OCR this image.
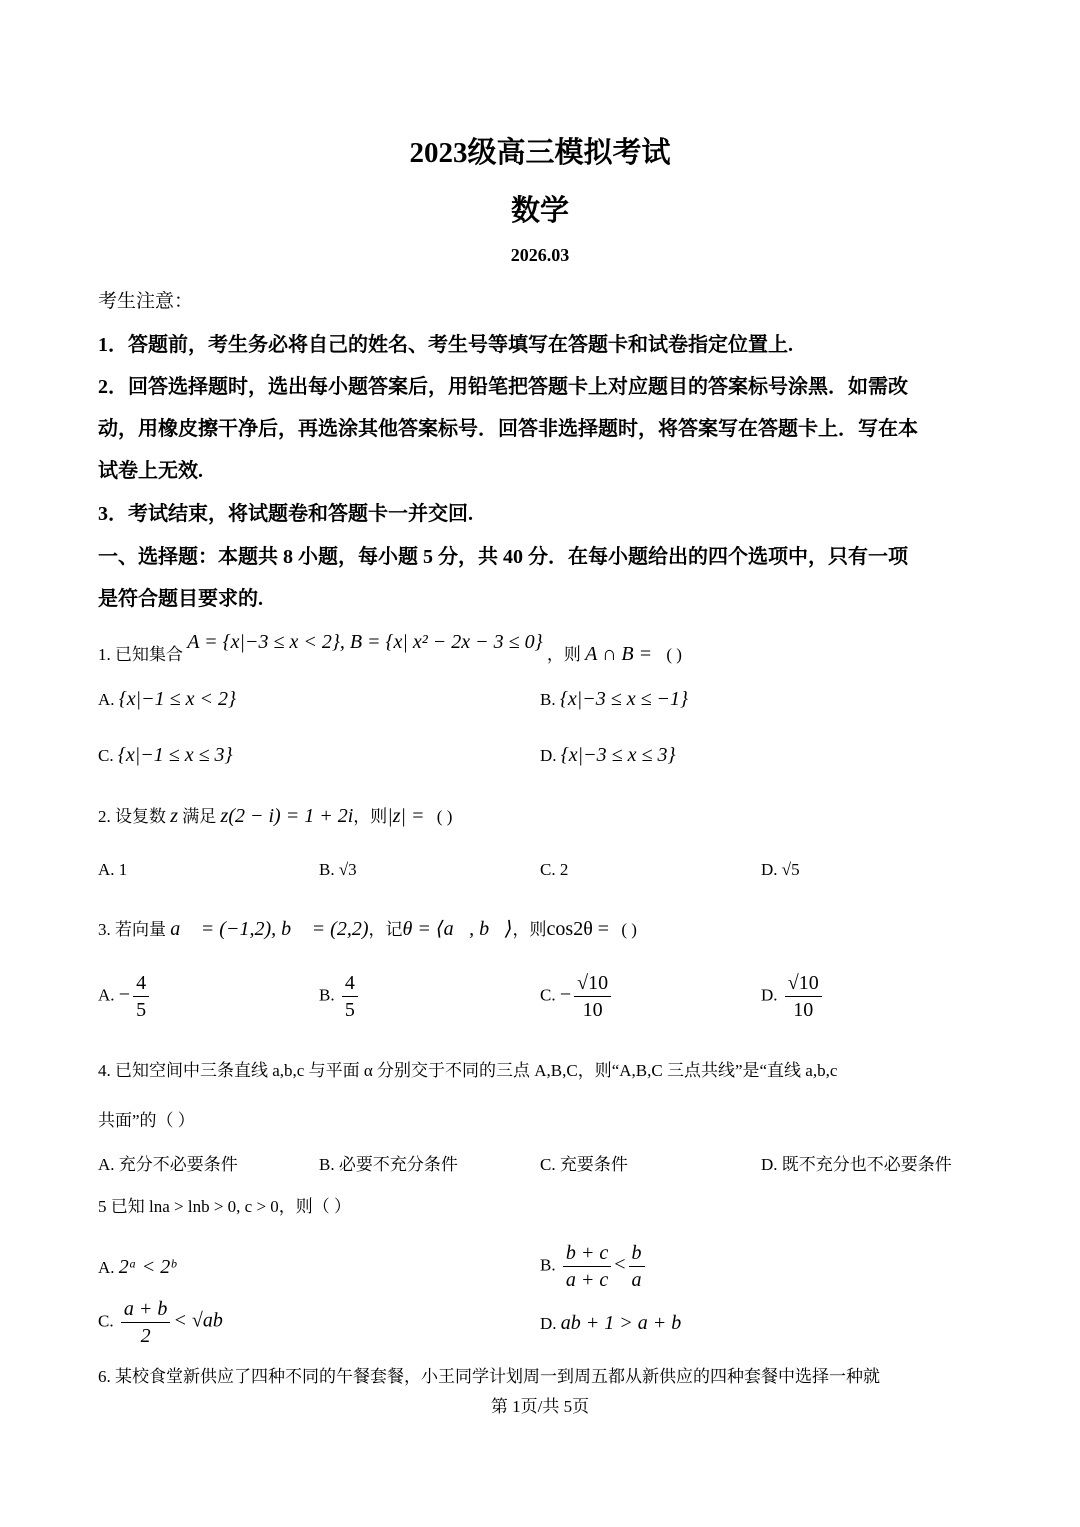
2023级高三模拟考试
数学
2026.03
考生注意：
1．答题前，考生务必将自己的姓名、考生号等填写在答题卡和试卷指定位置上.
2．回答选择题时，选出每小题答案后，用铅笔把答题卡上对应题目的答案标号涂黑．如需改
动，用橡皮擦干净后，再选涂其他答案标号．回答非选择题时，将答案写在答题卡上．写在本
试卷上无效.
3．考试结束，将试题卷和答题卡一并交回.
一、选择题：本题共 8 小题，每小题 5 分，共 40 分．在每小题给出的四个选项中，只有一项
是符合题目要求的.
1. 已知集合 A = {x|−3 ≤ x < 2}, B = {x| x² − 2x − 3 ≤ 0} ，则 A ∩ B = ( )
A. {x|−1 ≤ x < 2}	B. {x|−3 ≤ x ≤ −1}
C. {x|−1 ≤ x ≤ 3}	D. {x|−3 ≤ x ≤ 3}
2. 设复数 z 满足 z(2 − i) = 1 + 2i，则|z| = ( )
A. 1	B. √3	C. 2	D. √5
3. 若向量 a⃗ = (−1,2), b⃗ = (2,2)，记θ = ⟨a⃗, b⃗⟩，则cos2θ = ( )
A. − $\frac{4}{5}$	B. $\frac{4}{5}$	C. − $\frac{√10}{10}$	D. $\frac{√10}{10}$
4. 已知空间中三条直线 a,b,c 与平面 α 分别交于不同的三点 A,B,C，则“A,B,C 三点共线”是“直线 a,b,c
共面”的（ ）
A. 充分不必要条件	B. 必要不充分条件	C. 充要条件	D. 既不充分也不必要条件
5 已知 lna > lnb > 0, c > 0，则（ ）
A. 2ᵃ < 2ᵇ	B. $\frac{b + c}{a + c} < \frac{b}{a}$
C. $\frac{a + b}{2} < √ab$	D. ab + 1 > a + b
6. 某校食堂新供应了四种不同的午餐套餐，小王同学计划周一到周五都从新供应的四种套餐中选择一种就
第 1页/共 5页
